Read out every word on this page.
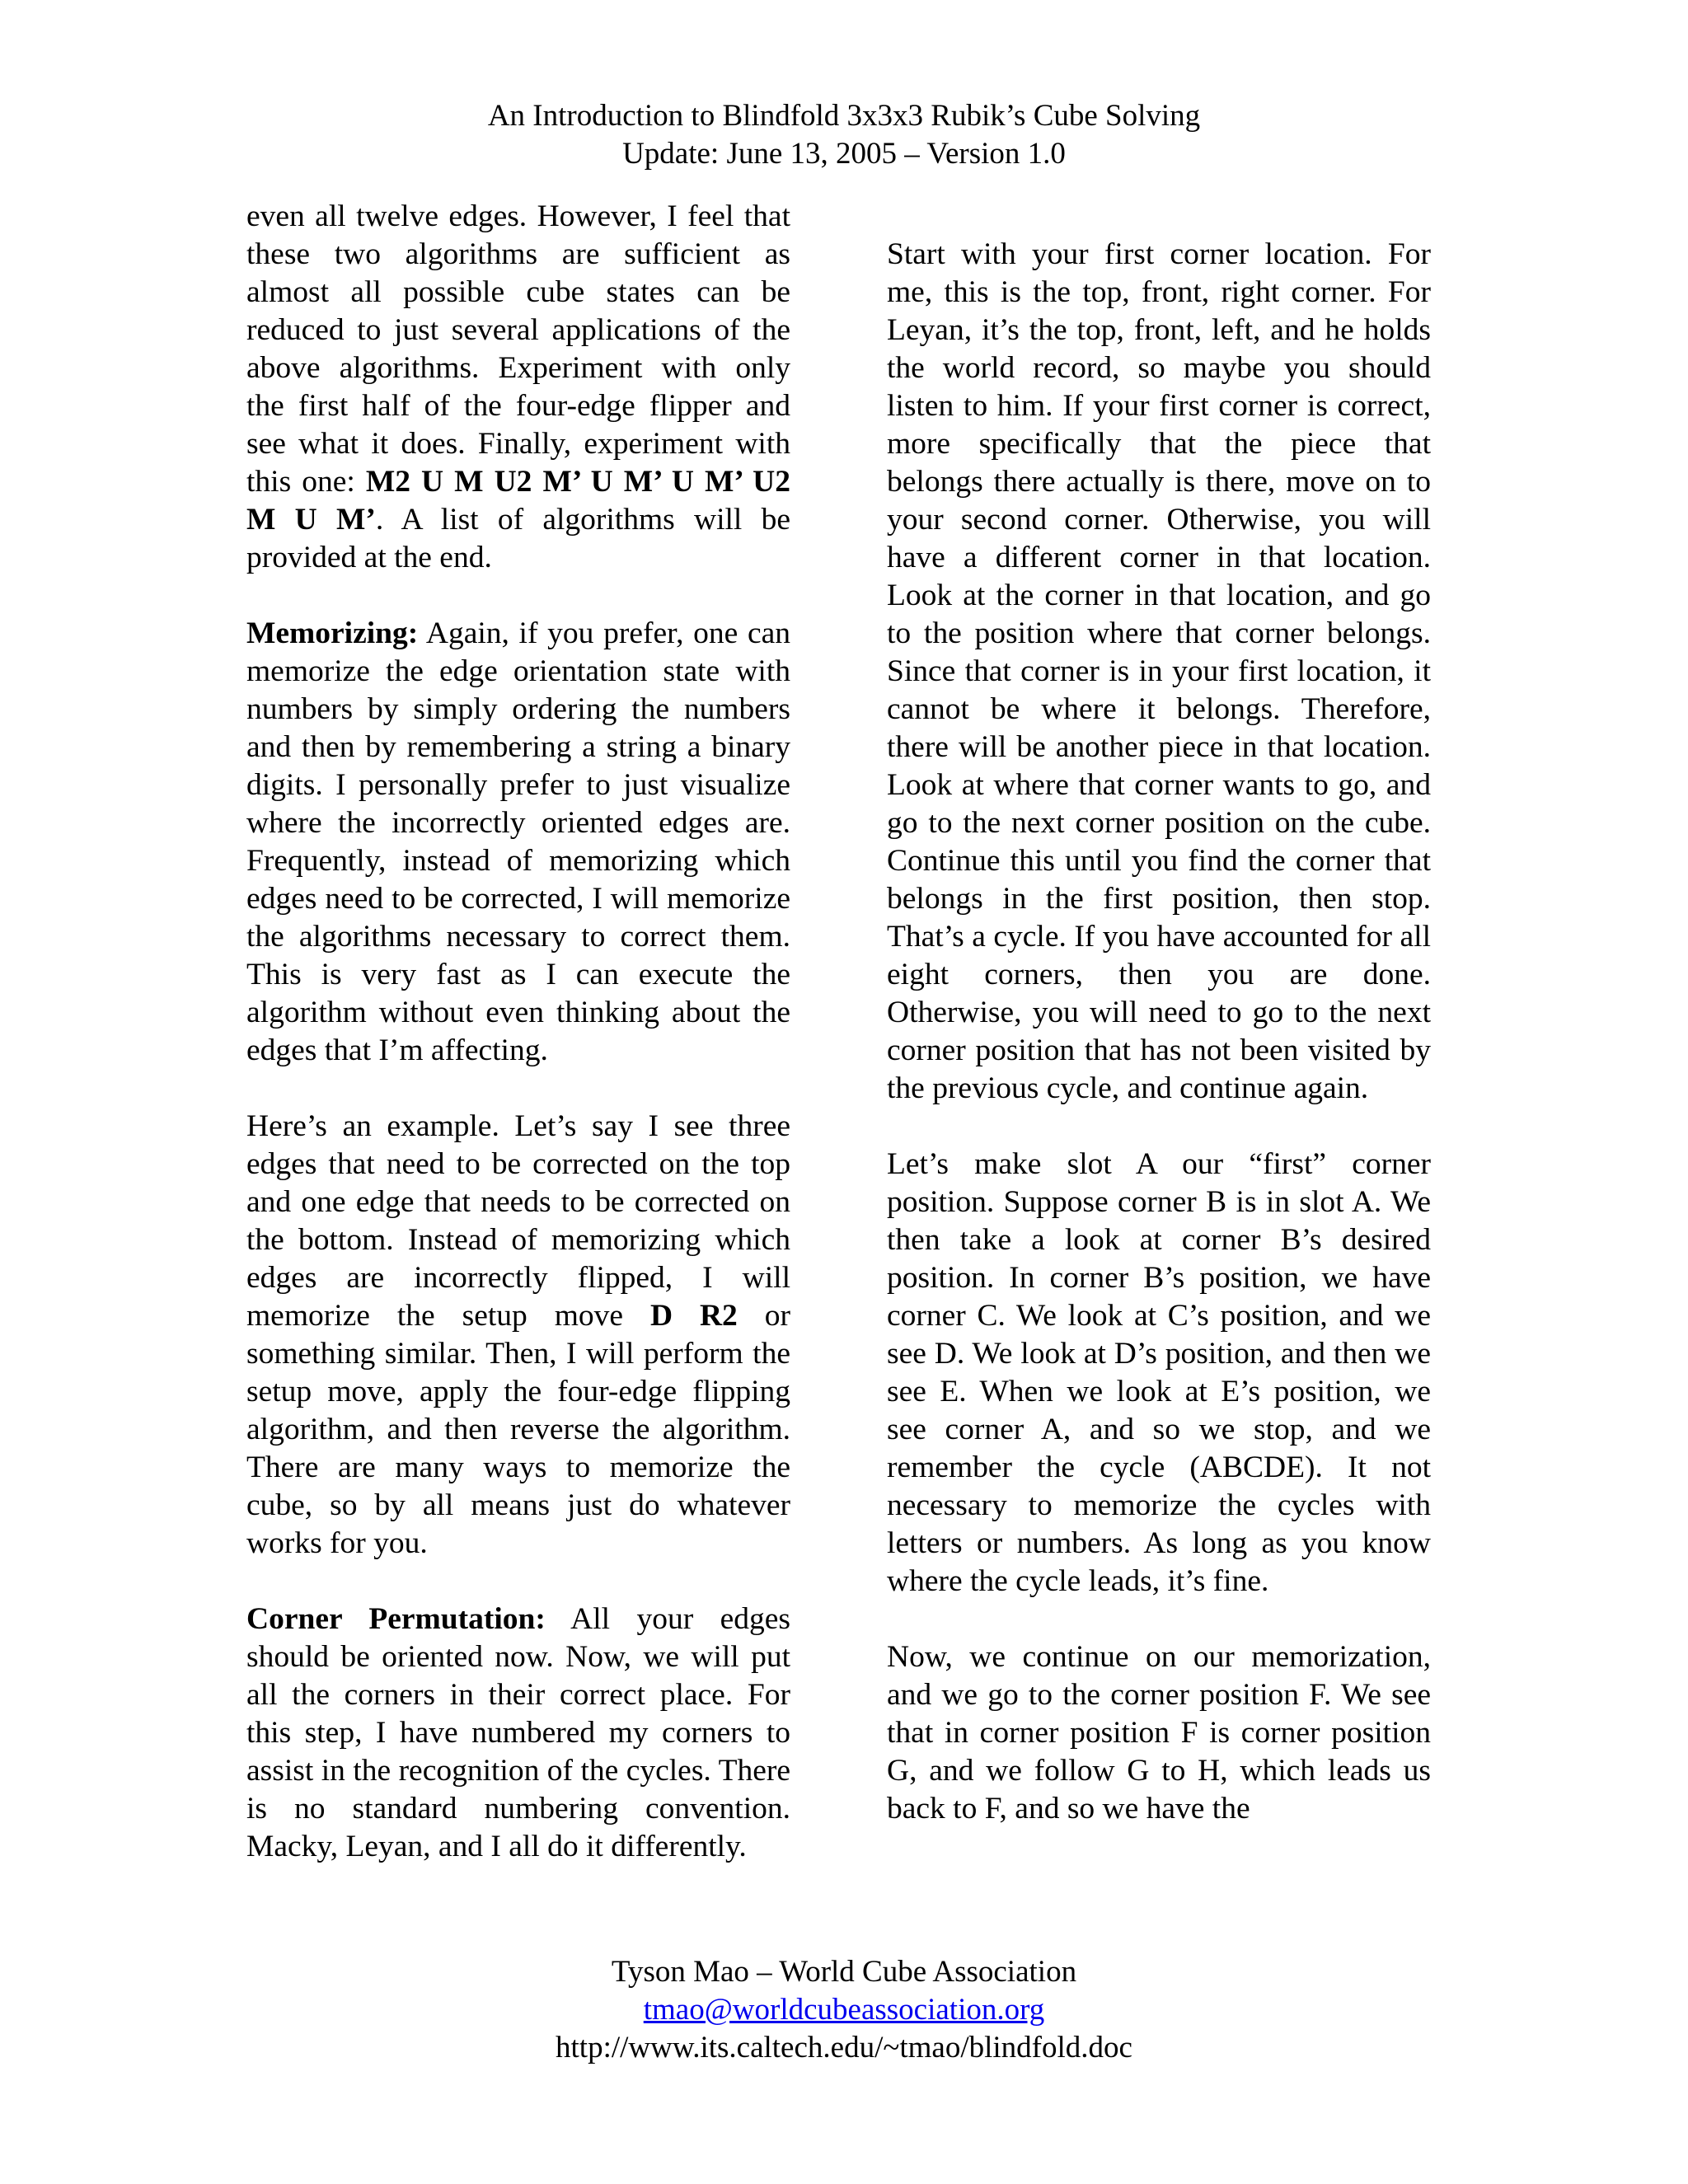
An Introduction to Blindfold 3x3x3 Rubik’s Cube Solving
Update: June 13, 2005 – Version 1.0

even all twelve edges. However, I feel that these two algorithms are sufficient as almost all possible cube states can be reduced to just several applications of the above algorithms. Experiment with only the first half of the four-edge flipper and see what it does. Finally, experiment with this one: M2 U M U2 M’ U M’ U M’ U2 M U M’. A list of algorithms will be provided at the end.

Memorizing: Again, if you prefer, one can memorize the edge orientation state with numbers by simply ordering the numbers and then by remembering a string a binary digits. I personally prefer to just visualize where the incorrectly oriented edges are. Frequently, instead of memorizing which edges need to be corrected, I will memorize the algorithms necessary to correct them. This is very fast as I can execute the algorithm without even thinking about the edges that I’m affecting.

Here’s an example. Let’s say I see three edges that need to be corrected on the top and one edge that needs to be corrected on the bottom. Instead of memorizing which edges are incorrectly flipped, I will memorize the setup move D R2 or something similar. Then, I will perform the setup move, apply the four-edge flipping algorithm, and then reverse the algorithm. There are many ways to memorize the cube, so by all means just do whatever works for you.

Corner Permutation: All your edges should be oriented now. Now, we will put all the corners in their correct place. For this step, I have numbered my corners to assist in the recognition of the cycles. There is no standard numbering convention. Macky, Leyan, and I all do it differently.

Start with your first corner location. For me, this is the top, front, right corner. For Leyan, it’s the top, front, left, and he holds the world record, so maybe you should listen to him. If your first corner is correct, more specifically that the piece that belongs there actually is there, move on to your second corner. Otherwise, you will have a different corner in that location. Look at the corner in that location, and go to the position where that corner belongs. Since that corner is in your first location, it cannot be where it belongs. Therefore, there will be another piece in that location. Look at where that corner wants to go, and go to the next corner position on the cube. Continue this until you find the corner that belongs in the first position, then stop. That’s a cycle. If you have accounted for all eight corners, then you are done. Otherwise, you will need to go to the next corner position that has not been visited by the previous cycle, and continue again.

Let’s make slot A our “first” corner position. Suppose corner B is in slot A. We then take a look at corner B’s desired position. In corner B’s position, we have corner C. We look at C’s position, and we see D. We look at D’s position, and then we see E. When we look at E’s position, we see corner A, and so we stop, and we remember the cycle (ABCDE). It not necessary to memorize the cycles with letters or numbers. As long as you know where the cycle leads, it’s fine.

Now, we continue on our memorization, and we go to the corner position F. We see that in corner position F is corner position G, and we follow G to H, which leads us back to F, and so we have the

Tyson Mao – World Cube Association
tmao@worldcubeassociation.org
http://www.its.caltech.edu/~tmao/blindfold.doc
